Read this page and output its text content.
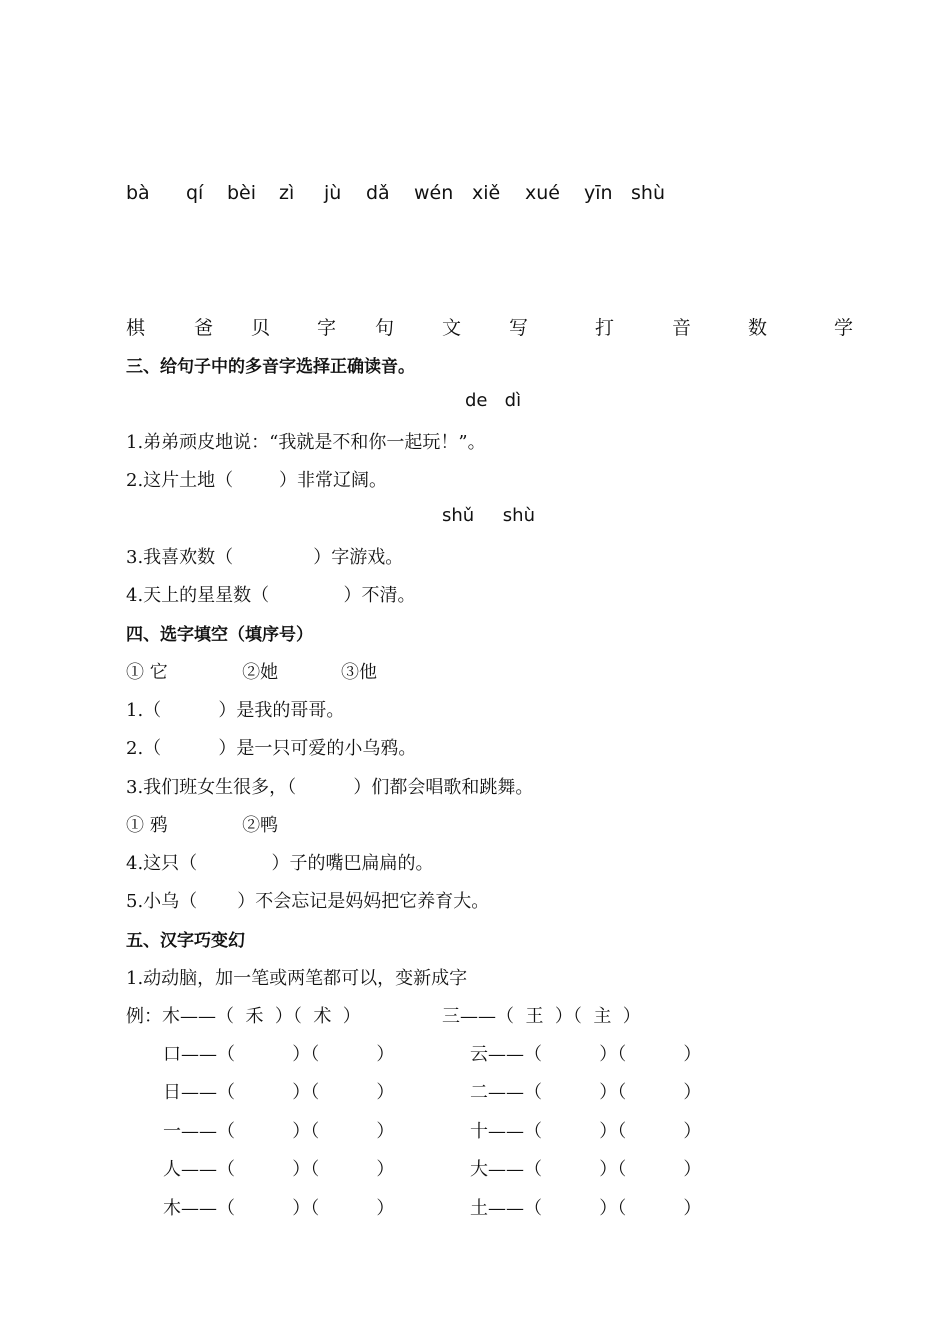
bà qí bèi zì jù dǎ wén xiě xué yīn shù
棋	爸 贝 字 句	文	写	打	音	数	学
三、给句子中的多音字选择正确读音。
de   dì
1.弟弟顽皮地说：“我就是不和你一起玩！”。
2.这片土地（        ）非常辽阔。
shǔ     shù
3.我喜欢数（              ）字游戏。
4.天上的星星数（             ）不清。
四、选字填空（填序号）
① 它             ②她           ③他
1.（          ）是我的哥哥。
2.（          ）是一只可爱的小乌鸦。
3.我们班女生很多，（          ）们都会唱歌和跳舞。
① 鸦             ②鸭
4.这只（             ）子的嘴巴扁扁的。
5.小乌（       ）不会忘记是妈妈把它养育大。
五、汉字巧变幻
1.动动脑，加一笔或两笔都可以，变新成字
例：木——（  禾  ）（  术  ）	三——（  王  ）（  主  ）
口——（          ）（          ）	云——（          ）（          ）
日——（          ）（          ）	二——（          ）（          ）
一——（          ）（          ）	十——（          ）（          ）
人——（          ）（          ）	大——（          ）（          ）
木——（          ）（          ）	土——（          ）（          ）
